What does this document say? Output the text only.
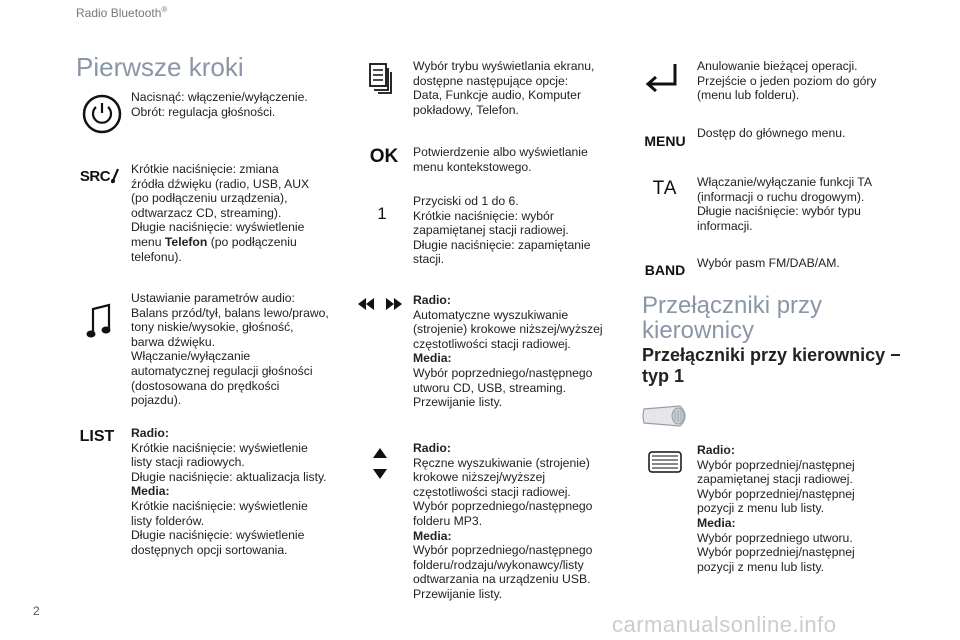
Radio Bluetooth®
Pierwsze kroki
Nacisnąć: włączenie/wyłączenie.
Obrót: regulacja głośności.
SRC Krótkie naciśnięcie: zmiana
źródła dźwięku (radio, USB, AUX
(po podłączeniu urządzenia),
odtwarzacz CD, streaming).
Długie naciśnięcie: wyświetlenie
menu Telefon (po podłączeniu
telefonu).
Ustawianie parametrów audio:
Balans przód/tył, balans lewo/prawo,
tony niskie/wysokie, głośność,
barwa dźwięku.
Włączanie/wyłączanie
automatycznej regulacji głośności
(dostosowana do prędkości
pojazdu).
LIST Radio:
Krótkie naciśnięcie: wyświetlenie
listy stacji radiowych.
Długie naciśnięcie: aktualizacja listy.
Media:
Krótkie naciśnięcie: wyświetlenie
listy folderów.
Długie naciśnięcie: wyświetlenie
dostępnych opcji sortowania.
Wybór trybu wyświetlania ekranu,
dostępne następujące opcje:
Data, Funkcje audio, Komputer
pokładowy, Telefon.
OK Potwierdzenie albo wyświetlanie
menu kontekstowego.
1
Przyciski od 1 do 6.
Krótkie naciśnięcie: wybór
zapamiętanej stacji radiowej.
Długie naciśnięcie: zapamiętanie
stacji.
Radio:
Automatyczne wyszukiwanie
(strojenie) krokowe niższej/wyższej
częstotliwości stacji radiowej.
Media:
Wybór poprzedniego/następnego
utworu CD, USB, streaming.
Przewijanie listy.
Radio:
Ręczne wyszukiwanie (strojenie)
krokowe niższej/wyższej
częstotliwości stacji radiowej.
Wybór poprzedniego/następnego
folderu MP3.
Media:
Wybór poprzedniego/następnego
folderu/rodzaju/wykonawcy/listy
odtwarzania na urządzeniu USB.
Przewijanie listy.
Anulowanie bieżącej operacji.
Przejście o jeden poziom do góry
(menu lub folderu).
MENU Dostęp do głównego menu.
TA Włączanie/wyłączanie funkcji TA
(informacji o ruchu drogowym).
Długie naciśnięcie: wybór typu
informacji.
BAND Wybór pasm FM/DAB/AM.
Przełączniki przy kierownicy
Przełączniki przy kierownicy − typ 1
Radio:
Wybór poprzedniej/następnej
zapamiętanej stacji radiowej.
Wybór poprzedniej/następnej
pozycji z menu lub listy.
Media:
Wybór poprzedniego utworu.
Wybór poprzedniej/następnej
pozycji z menu lub listy.
2
carmanualsonline.info
